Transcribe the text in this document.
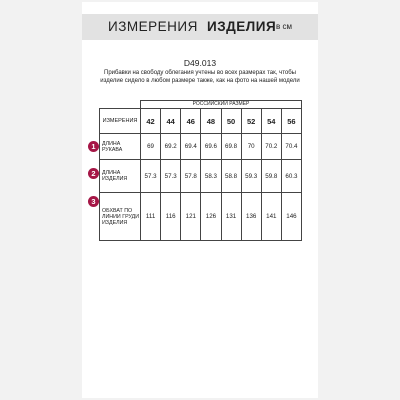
ИЗМЕРЕНИЯ ИЗДЕЛИЯ в см
D49.013
Прибавки на свободу облегания учтены во всех размерах так, чтобы изделие сидело в любом размере также, как на фото на нашей модели
	РОССИЙСКИЙ РАЗМЕР							
ИЗМЕРЕНИЯ	42	44	46	48	50	52	54	56
ДЛИНА РУКАВА	69	69.2	69.4	69.6	69.8	70	70.2	70.4
ДЛИНА ИЗДЕЛИЯ	57.3	57.3	57.8	58.3	58.8	59.3	59.8	60.3
ОБХВАТ ПО ЛИНИИ ГРУДИ ИЗДЕЛИЯ	111	116	121	126	131	136	141	146
1
2
3
